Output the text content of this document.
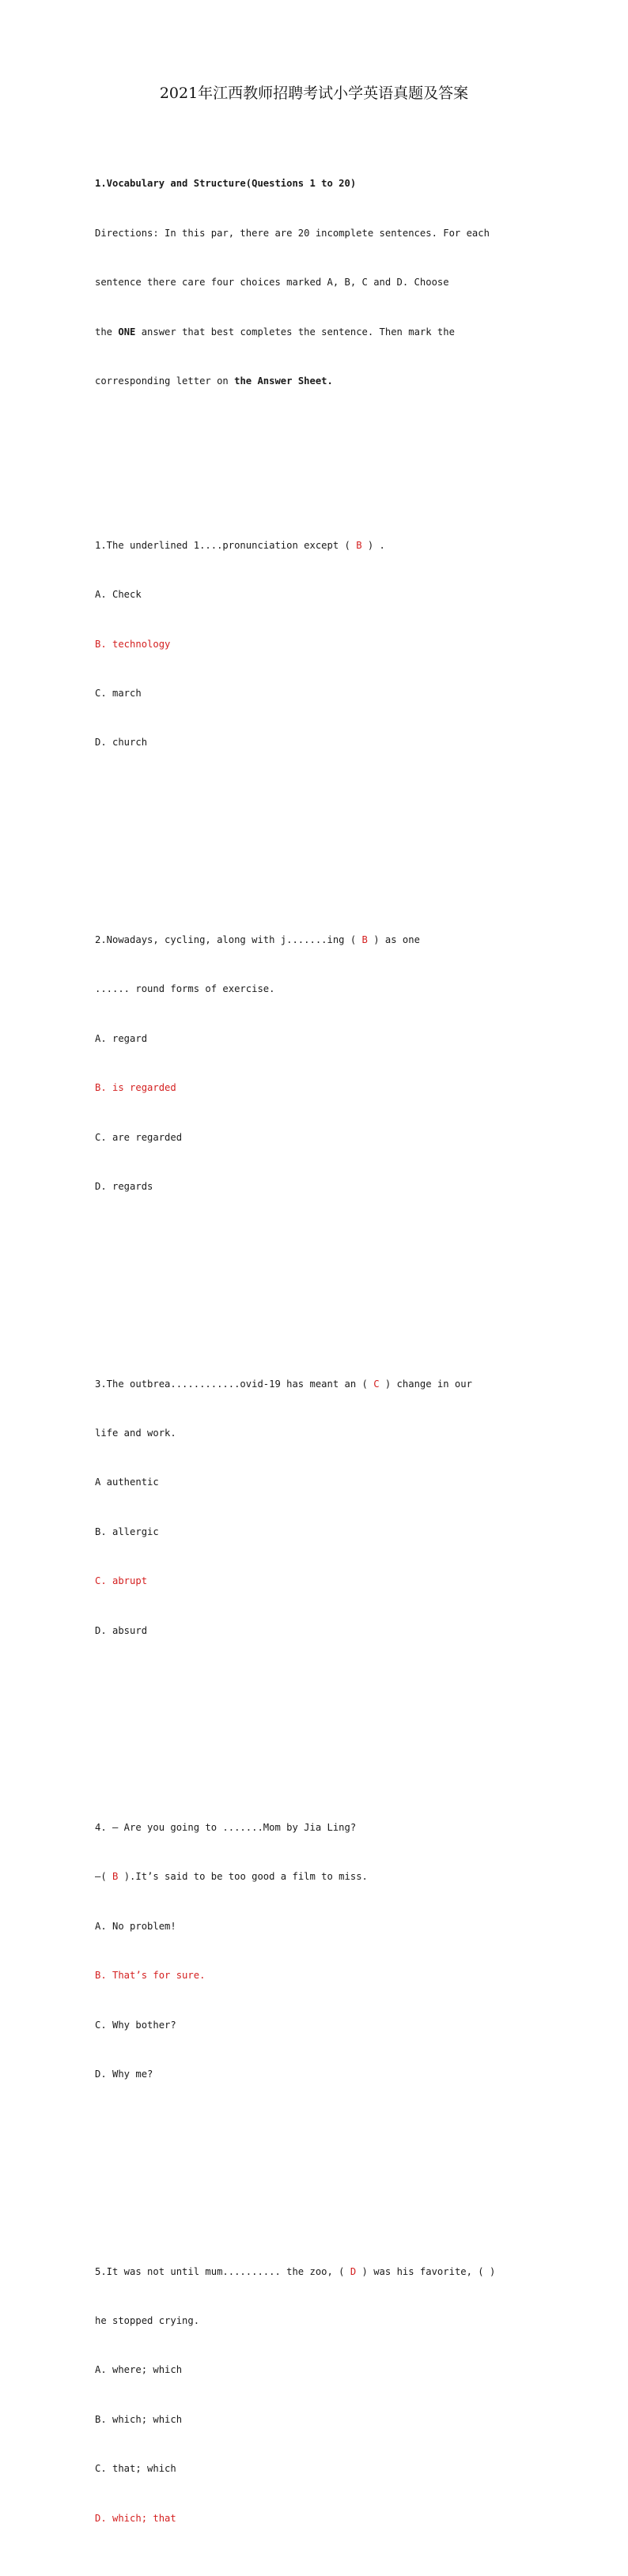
2021年江西教师招聘考试小学英语真题及答案

1.Vocabulary and Structure(Questions 1 to 20)

Directions: In this par, there are 20 incomplete sentences. For each

sentence there care four choices marked A, B, C and D. Choose

the ONE answer that best completes the sentence. Then mark the

corresponding letter on the Answer Sheet.

1.The underlined 1....pronunciation except ( B ) .

A. Check

B. technology

C. march

D. church

2.Nowadays, cycling, along with j.......ing ( B ) as one

...... round forms of exercise.

A. regard

B. is regarded

C. are regarded

D. regards

3.The outbrea............ovid-19 has meant an ( C ) change in our

life and work.

A authentic

B. allergic

C. abrupt

D. absurd

4. — Are you going to .......Mom by Jia Ling?

—( B ).It’s said to be too good a film to miss.

A. No problem!

B. That’s for sure.

C. Why bother?

D. Why me?

5.It was not until mum.......... the zoo, ( D ) was his favorite, ( )

he stopped crying.

A. where; which

B. which; which

C. that; which

D. which; that
